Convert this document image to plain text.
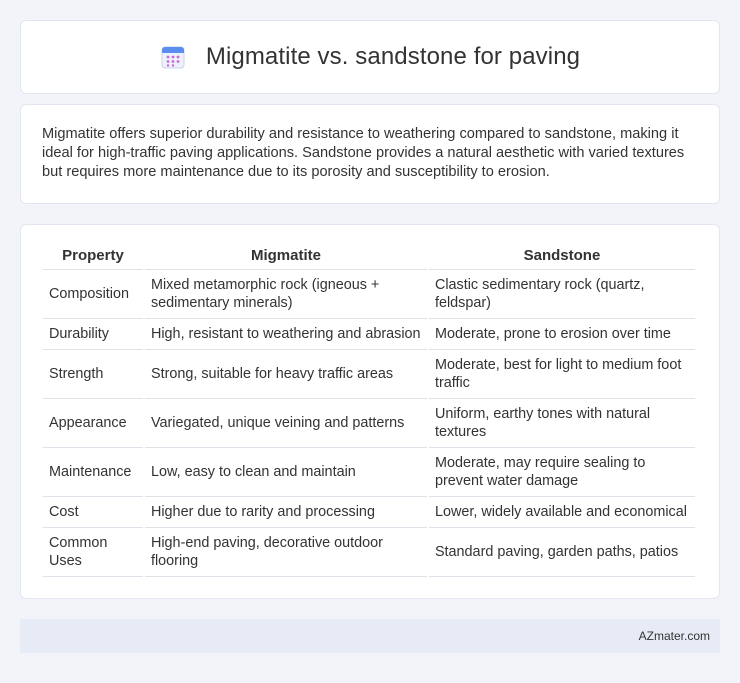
Migmatite vs. sandstone for paving

Migmatite offers superior durability and resistance to weathering compared to sandstone, making it ideal for high-traffic paving applications. Sandstone provides a natural aesthetic with varied textures but requires more maintenance due to its porosity and susceptibility to erosion.

Property	Migmatite	Sandstone
Composition	Mixed metamorphic rock (igneous + sedimentary minerals)	Clastic sedimentary rock (quartz, feldspar)
Durability	High, resistant to weathering and abrasion	Moderate, prone to erosion over time
Strength	Strong, suitable for heavy traffic areas	Moderate, best for light to medium foot traffic
Appearance	Variegated, unique veining and patterns	Uniform, earthy tones with natural textures
Maintenance	Low, easy to clean and maintain	Moderate, may require sealing to prevent water damage
Cost	Higher due to rarity and processing	Lower, widely available and economical
Common Uses	High-end paving, decorative outdoor flooring	Standard paving, garden paths, patios
AZmater.com
